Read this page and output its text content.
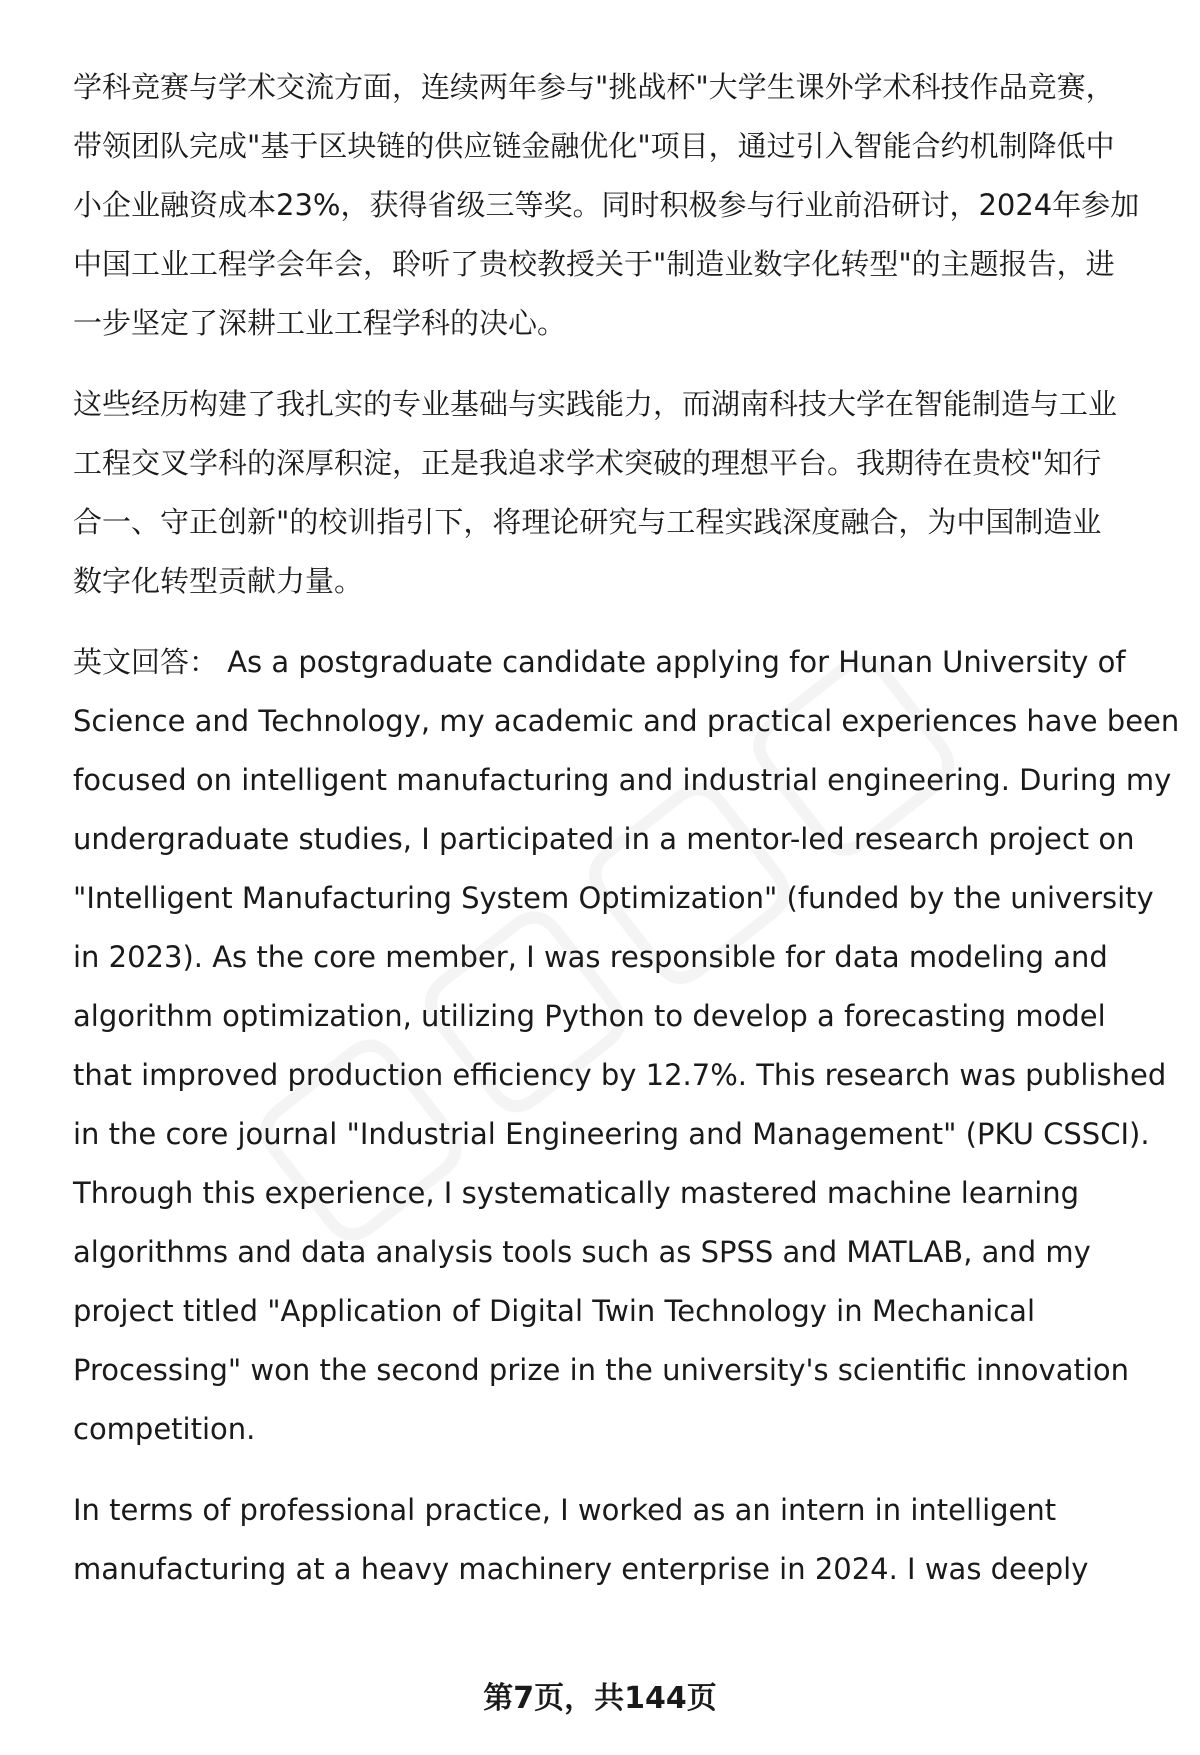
学科竞赛与学术交流方面，连续两年参与"挑战杯"大学生课外学术科技作品竞赛，
带领团队完成"基于区块链的供应链金融优化"项目，通过引入智能合约机制降低中
小企业融资成本23%，获得省级三等奖。同时积极参与行业前沿研讨，2024年参加
中国工业工程学会年会，聆听了贵校教授关于"制造业数字化转型"的主题报告，进
一步坚定了深耕工业工程学科的决心。

这些经历构建了我扎实的专业基础与实践能力，而湖南科技大学在智能制造与工业
工程交叉学科的深厚积淀，正是我追求学术突破的理想平台。我期待在贵校"知行
合一、守正创新"的校训指引下，将理论研究与工程实践深度融合，为中国制造业
数字化转型贡献力量。

英文回答： As a postgraduate candidate applying for Hunan University of
Science and Technology, my academic and practical experiences have been
focused on intelligent manufacturing and industrial engineering. During my
undergraduate studies, I participated in a mentor-led research project on
"Intelligent Manufacturing System Optimization" (funded by the university
in 2023). As the core member, I was responsible for data modeling and
algorithm optimization, utilizing Python to develop a forecasting model
that improved production efficiency by 12.7%. This research was published
in the core journal "Industrial Engineering and Management" (PKU CSSCI).
Through this experience, I systematically mastered machine learning
algorithms and data analysis tools such as SPSS and MATLAB, and my
project titled "Application of Digital Twin Technology in Mechanical
Processing" won the second prize in the university's scientific innovation
competition.

In terms of professional practice, I worked as an intern in intelligent
manufacturing at a heavy machinery enterprise in 2024. I was deeply

第7页，共144页
